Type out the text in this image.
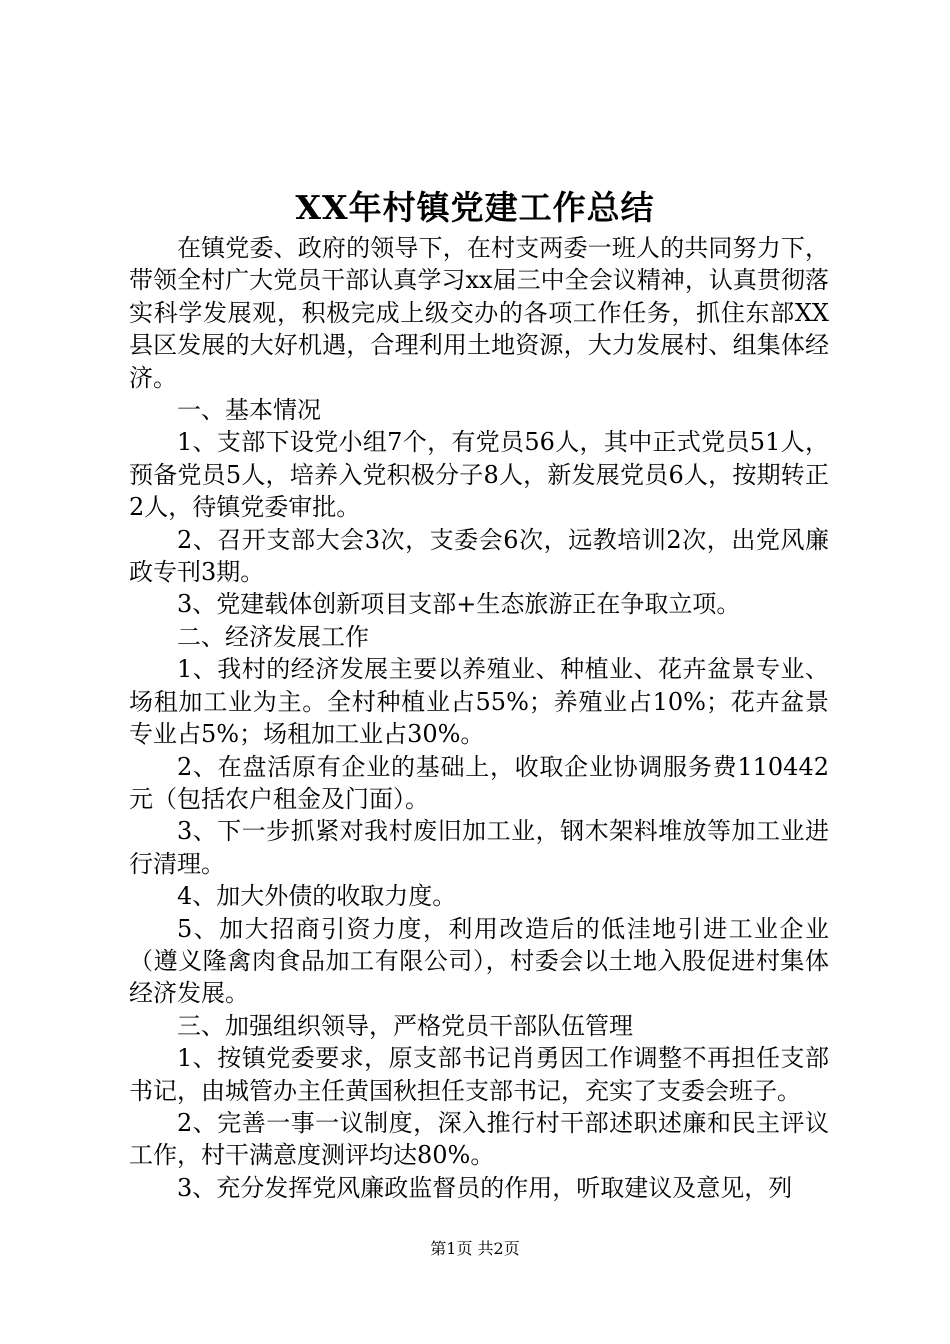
XX年村镇党建工作总结

在镇党委、政府的领导下，在村支两委一班人的共同努力下，带领全村广大党员干部认真学习xx届三中全会议精神，认真贯彻落实科学发展观，积极完成上级交办的各项工作任务，抓住东部XX县区发展的大好机遇，合理利用土地资源，大力发展村、组集体经济。

一、基本情况

1、支部下设党小组7个，有党员56人，其中正式党员51人，预备党员5人，培养入党积极分子8人，新发展党员6人，按期转正2人，待镇党委审批。

2、召开支部大会3次，支委会6次，远教培训2次，出党风廉政专刊3期。

3、党建载体创新项目支部+生态旅游正在争取立项。

二、经济发展工作

1、我村的经济发展主要以养殖业、种植业、花卉盆景专业、场租加工业为主。全村种植业占55%；养殖业占10%；花卉盆景专业占5%；场租加工业占30%。

2、在盘活原有企业的基础上，收取企业协调服务费110442元（包括农户租金及门面）。

3、下一步抓紧对我村废旧加工业，钢木架料堆放等加工业进行清理。

4、加大外债的收取力度。

5、加大招商引资力度，利用改造后的低洼地引进工业企业（遵义隆禽肉食品加工有限公司），村委会以土地入股促进村集体经济发展。

三、加强组织领导，严格党员干部队伍管理

1、按镇党委要求，原支部书记肖勇因工作调整不再担任支部书记，由城管办主任黄国秋担任支部书记，充实了支委会班子。

2、完善一事一议制度，深入推行村干部述职述廉和民主评议工作，村干满意度测评均达80%。

3、充分发挥党风廉政监督员的作用，听取建议及意见，列

第1页 共2页
